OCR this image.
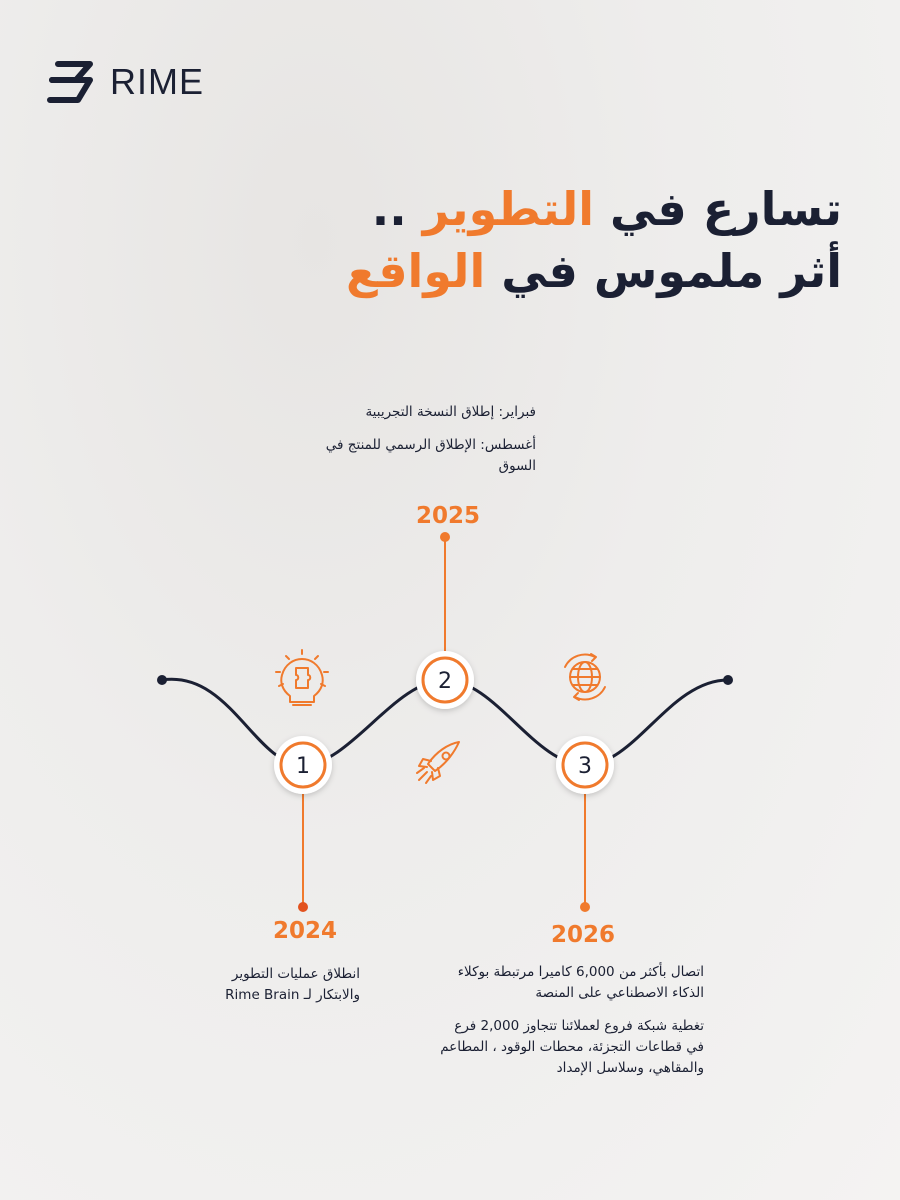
RIME
تسارع في التطوير ..
أثر ملموس في الواقع
1
2
3
2025
2024	2026

فبراير: إطلاق النسخة التجريبية

أغسطس: الإطلاق الرسمي للمنتج في السوق

انطلاق عمليات التطوير والابتكار لـ Rime Brain

اتصال بأكثر من 6,000 كاميرا مرتبطة بوكلاء الذكاء الاصطناعي على المنصة

تغطية شبكة فروع لعملائنا تتجاوز 2,000 فرع في قطاعات التجزئة، محطات الوقود ، المطاعم والمقاهي، وسلاسل الإمداد
